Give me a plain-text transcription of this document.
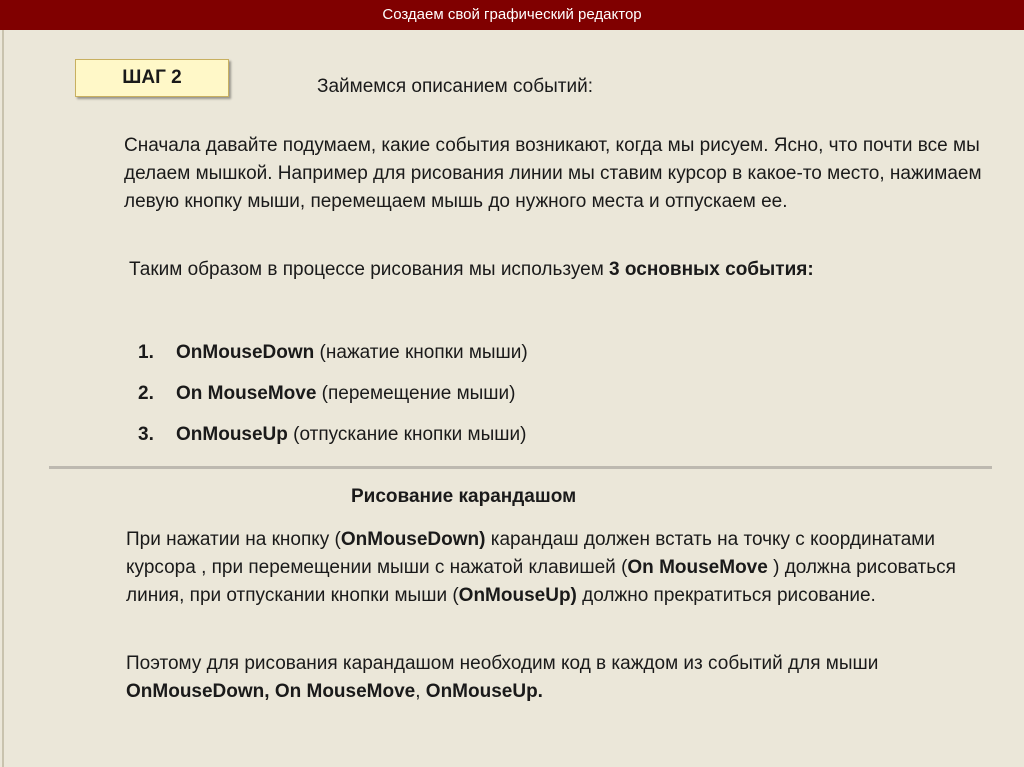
Создаем свой графический редактор
ШАГ 2	Займемся описанием событий:

Сначала давайте подумаем, какие события возникают, когда мы рисуем. Ясно, что почти все мы делаем мышкой. Например для рисования линии мы ставим курсор в какое-то место, нажимаем левую кнопку мыши, перемещаем мышь до нужного места и отпускаем ее.

Таким образом в процессе рисования мы используем 3 основных события:

1. OnMouseDown (нажатие кнопки мыши)
2. On MouseMove (перемещение мыши)
3. OnMouseUp (отпускание кнопки мыши)
Рисование карандашом

При нажатии на кнопку (OnMouseDown) карандаш должен встать на точку с координатами курсора , при перемещении мыши с нажатой клавишей (On MouseMove ) должна рисоваться линия, при отпускании кнопки мыши (OnMouseUp) должно прекратиться рисование.

Поэтому для рисования карандашом необходим код в каждом из событий для мыши OnMouseDown, On MouseMove, OnMouseUp.
